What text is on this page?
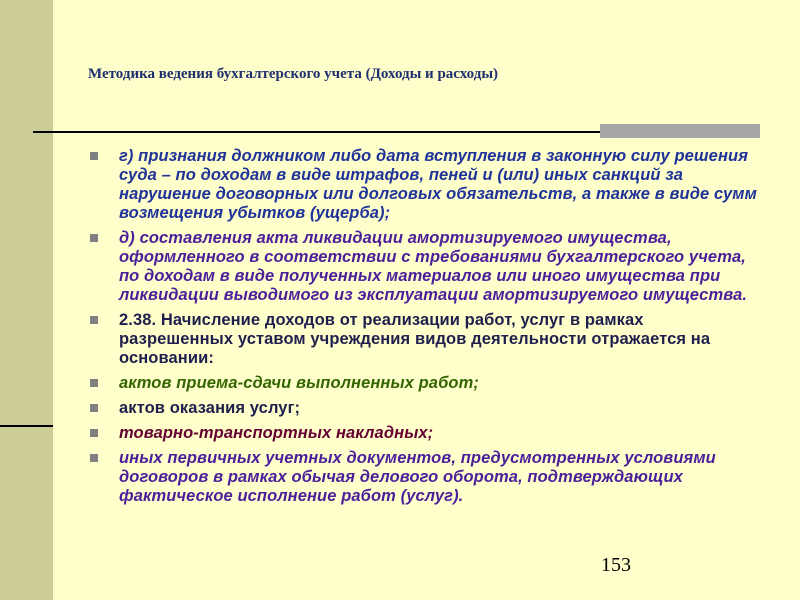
Методика ведения бухгалтерского учета (Доходы и расходы)
г) признания должником либо дата вступления в законную силу решения суда – по доходам в виде штрафов, пеней и (или) иных санкций за нарушение договорных или долговых обязательств, а также в виде сумм возмещения убытков (ущерба);
д) составления акта ликвидации амортизируемого имущества, оформленного в соответствии с требованиями бухгалтерского учета, по доходам в виде полученных материалов или иного имущества при ликвидации выводимого из эксплуатации амортизируемого имущества.
2.38. Начисление доходов от реализации работ, услуг в рамках разрешенных уставом учреждения видов деятельности отражается на основании:
актов приема-сдачи выполненных работ;
актов оказания услуг;
товарно-транспортных накладных;
иных первичных учетных документов, предусмотренных условиями договоров в рамках обычая делового оборота, подтверждающих фактическое исполнение работ (услуг).
153
